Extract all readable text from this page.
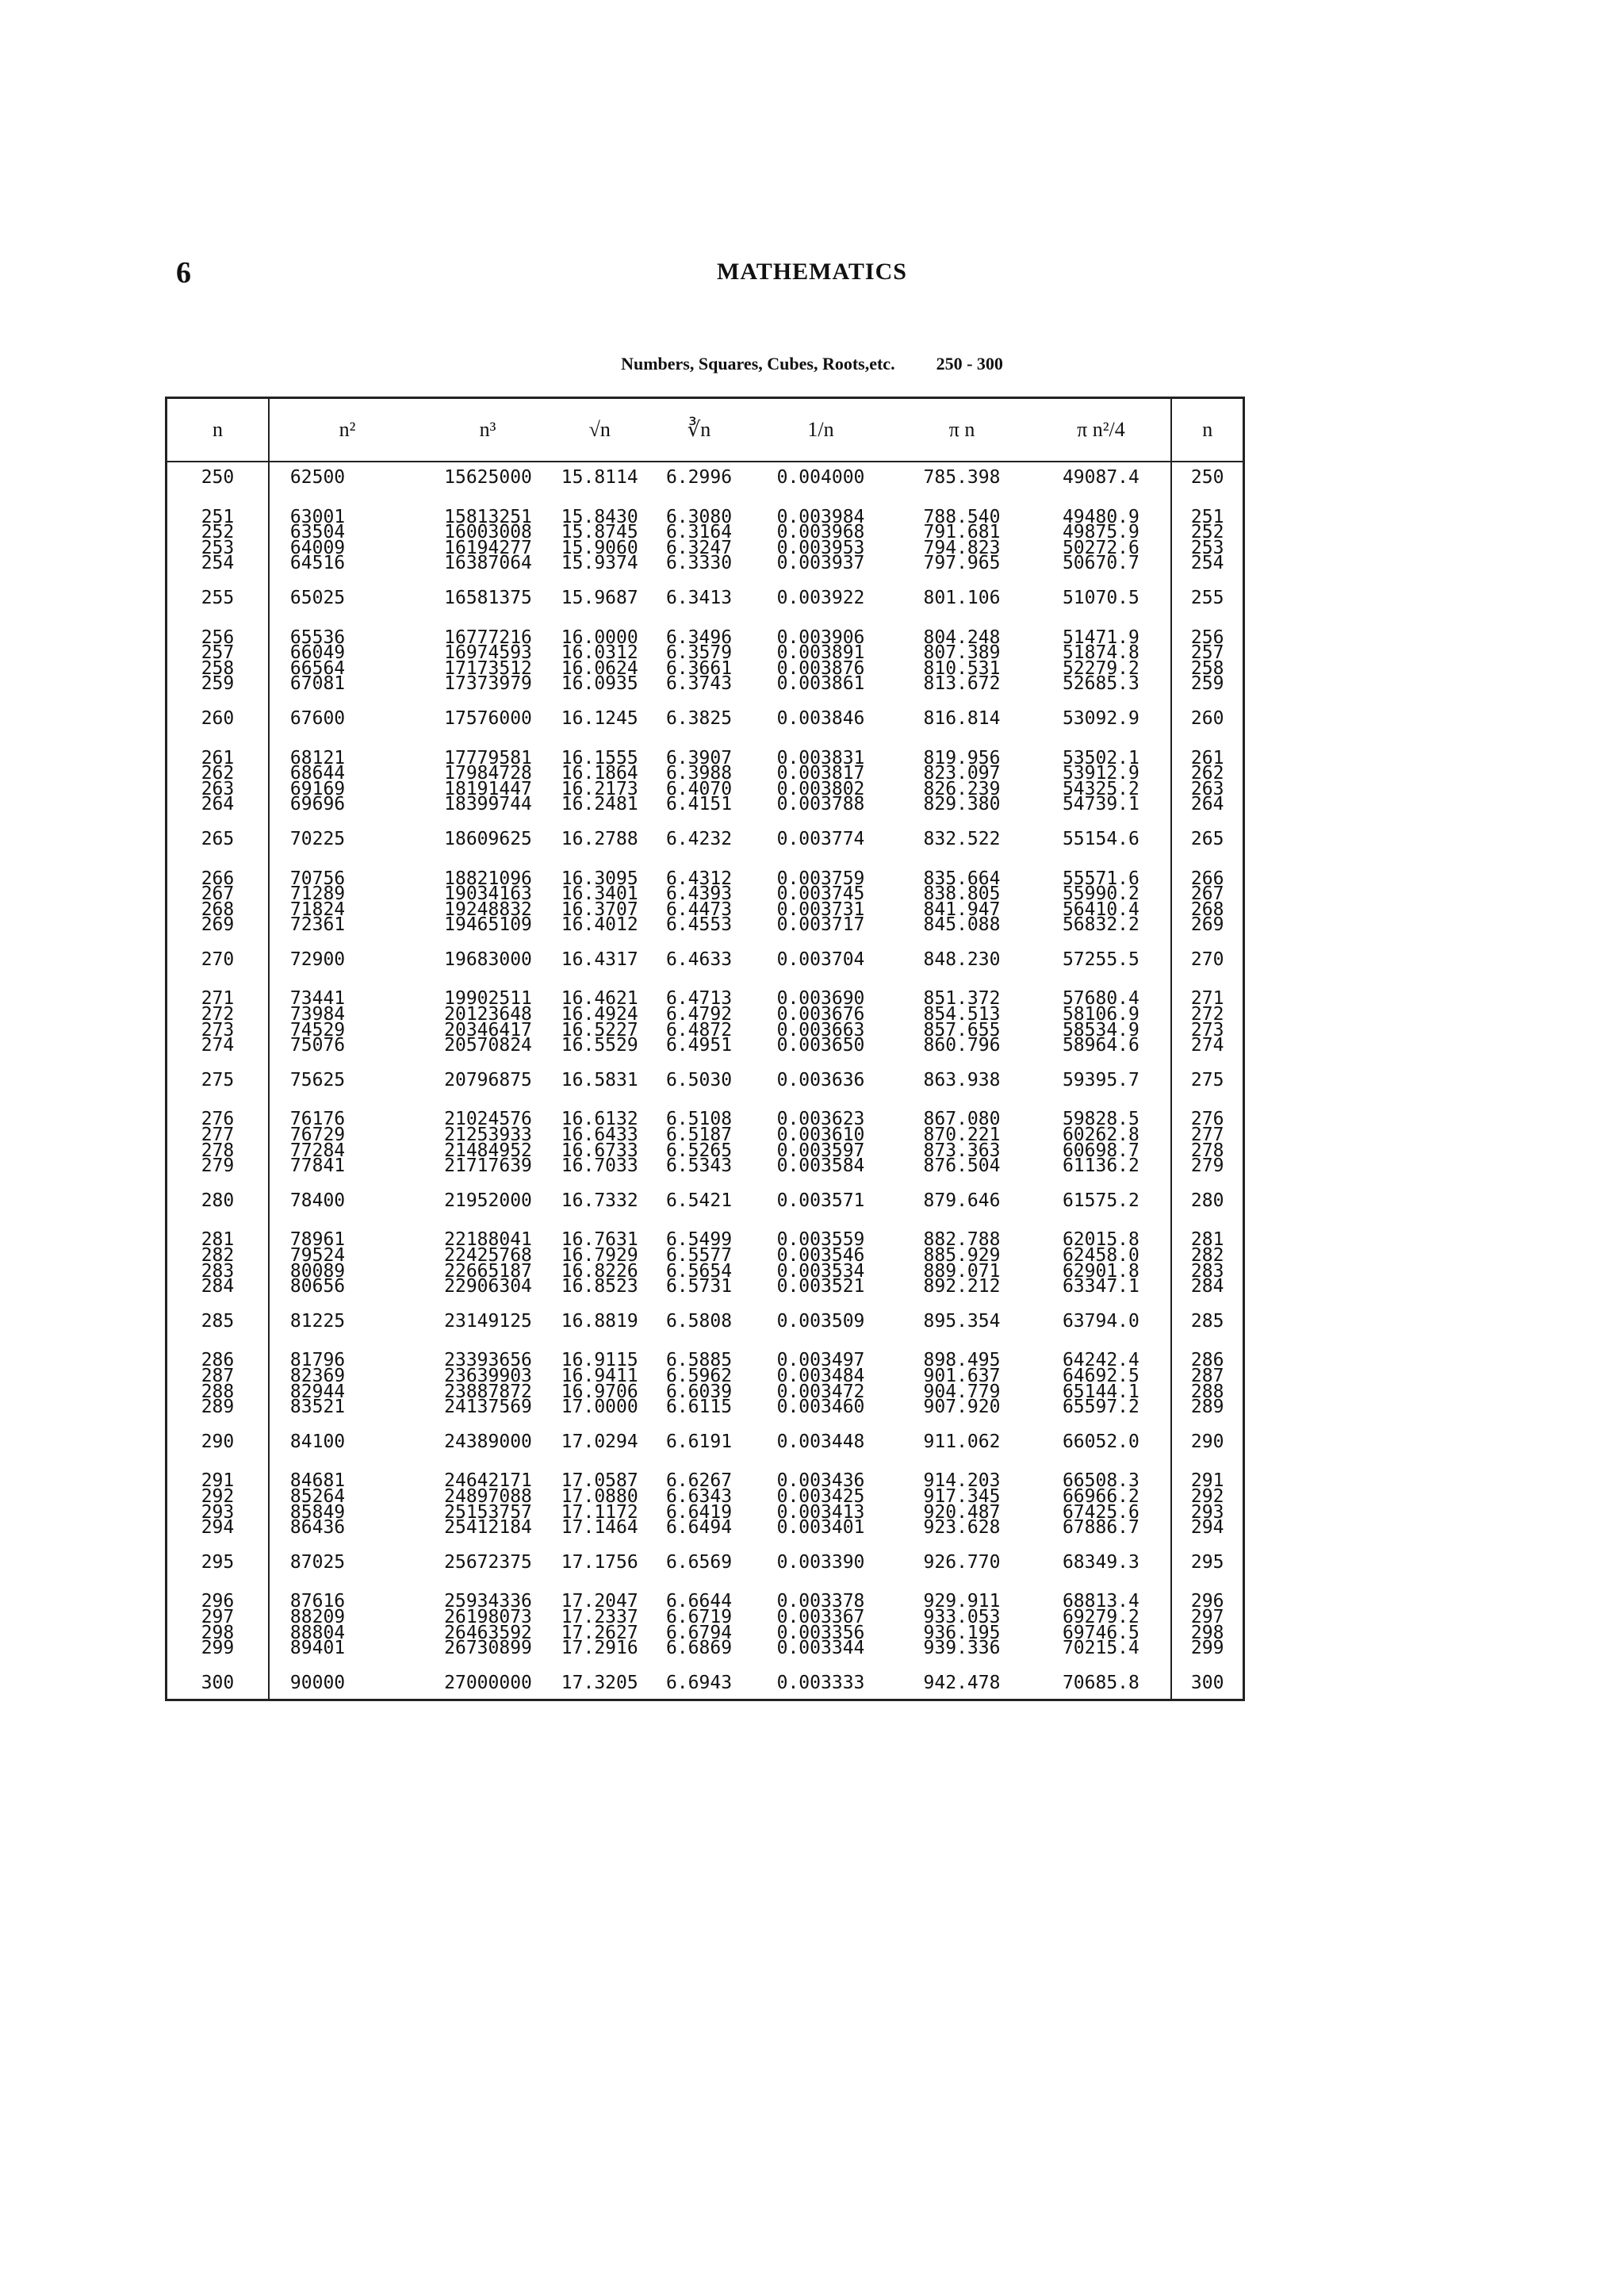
6	MATHEMATICS
Numbers, Squares, Cubes, Roots,etc. 250 - 300
n	n²	n³	√n	∛n	1/n	π n	π n²/4	n
250	62500	15625000	15.8114	6.2996	0.004000	785.398	49087.4	250
251	63001	15813251	15.8430	6.3080	0.003984	788.540	49480.9	251
252	63504	16003008	15.8745	6.3164	0.003968	791.681	49875.9	252
253	64009	16194277	15.9060	6.3247	0.003953	794.823	50272.6	253
254	64516	16387064	15.9374	6.3330	0.003937	797.965	50670.7	254
255	65025	16581375	15.9687	6.3413	0.003922	801.106	51070.5	255
256	65536	16777216	16.0000	6.3496	0.003906	804.248	51471.9	256
257	66049	16974593	16.0312	6.3579	0.003891	807.389	51874.8	257
258	66564	17173512	16.0624	6.3661	0.003876	810.531	52279.2	258
259	67081	17373979	16.0935	6.3743	0.003861	813.672	52685.3	259
260	67600	17576000	16.1245	6.3825	0.003846	816.814	53092.9	260
261	68121	17779581	16.1555	6.3907	0.003831	819.956	53502.1	261
262	68644	17984728	16.1864	6.3988	0.003817	823.097	53912.9	262
263	69169	18191447	16.2173	6.4070	0.003802	826.239	54325.2	263
264	69696	18399744	16.2481	6.4151	0.003788	829.380	54739.1	264
265	70225	18609625	16.2788	6.4232	0.003774	832.522	55154.6	265
266	70756	18821096	16.3095	6.4312	0.003759	835.664	55571.6	266
267	71289	19034163	16.3401	6.4393	0.003745	838.805	55990.2	267
268	71824	19248832	16.3707	6.4473	0.003731	841.947	56410.4	268
269	72361	19465109	16.4012	6.4553	0.003717	845.088	56832.2	269
270	72900	19683000	16.4317	6.4633	0.003704	848.230	57255.5	270
271	73441	19902511	16.4621	6.4713	0.003690	851.372	57680.4	271
272	73984	20123648	16.4924	6.4792	0.003676	854.513	58106.9	272
273	74529	20346417	16.5227	6.4872	0.003663	857.655	58534.9	273
274	75076	20570824	16.5529	6.4951	0.003650	860.796	58964.6	274
275	75625	20796875	16.5831	6.5030	0.003636	863.938	59395.7	275
276	76176	21024576	16.6132	6.5108	0.003623	867.080	59828.5	276
277	76729	21253933	16.6433	6.5187	0.003610	870.221	60262.8	277
278	77284	21484952	16.6733	6.5265	0.003597	873.363	60698.7	278
279	77841	21717639	16.7033	6.5343	0.003584	876.504	61136.2	279
280	78400	21952000	16.7332	6.5421	0.003571	879.646	61575.2	280
281	78961	22188041	16.7631	6.5499	0.003559	882.788	62015.8	281
282	79524	22425768	16.7929	6.5577	0.003546	885.929	62458.0	282
283	80089	22665187	16.8226	6.5654	0.003534	889.071	62901.8	283
284	80656	22906304	16.8523	6.5731	0.003521	892.212	63347.1	284
285	81225	23149125	16.8819	6.5808	0.003509	895.354	63794.0	285
286	81796	23393656	16.9115	6.5885	0.003497	898.495	64242.4	286
287	82369	23639903	16.9411	6.5962	0.003484	901.637	64692.5	287
288	82944	23887872	16.9706	6.6039	0.003472	904.779	65144.1	288
289	83521	24137569	17.0000	6.6115	0.003460	907.920	65597.2	289
290	84100	24389000	17.0294	6.6191	0.003448	911.062	66052.0	290
291	84681	24642171	17.0587	6.6267	0.003436	914.203	66508.3	291
292	85264	24897088	17.0880	6.6343	0.003425	917.345	66966.2	292
293	85849	25153757	17.1172	6.6419	0.003413	920.487	67425.6	293
294	86436	25412184	17.1464	6.6494	0.003401	923.628	67886.7	294
295	87025	25672375	17.1756	6.6569	0.003390	926.770	68349.3	295
296	87616	25934336	17.2047	6.6644	0.003378	929.911	68813.4	296
297	88209	26198073	17.2337	6.6719	0.003367	933.053	69279.2	297
298	88804	26463592	17.2627	6.6794	0.003356	936.195	69746.5	298
299	89401	26730899	17.2916	6.6869	0.003344	939.336	70215.4	299
300	90000	27000000	17.3205	6.6943	0.003333	942.478	70685.8	300
